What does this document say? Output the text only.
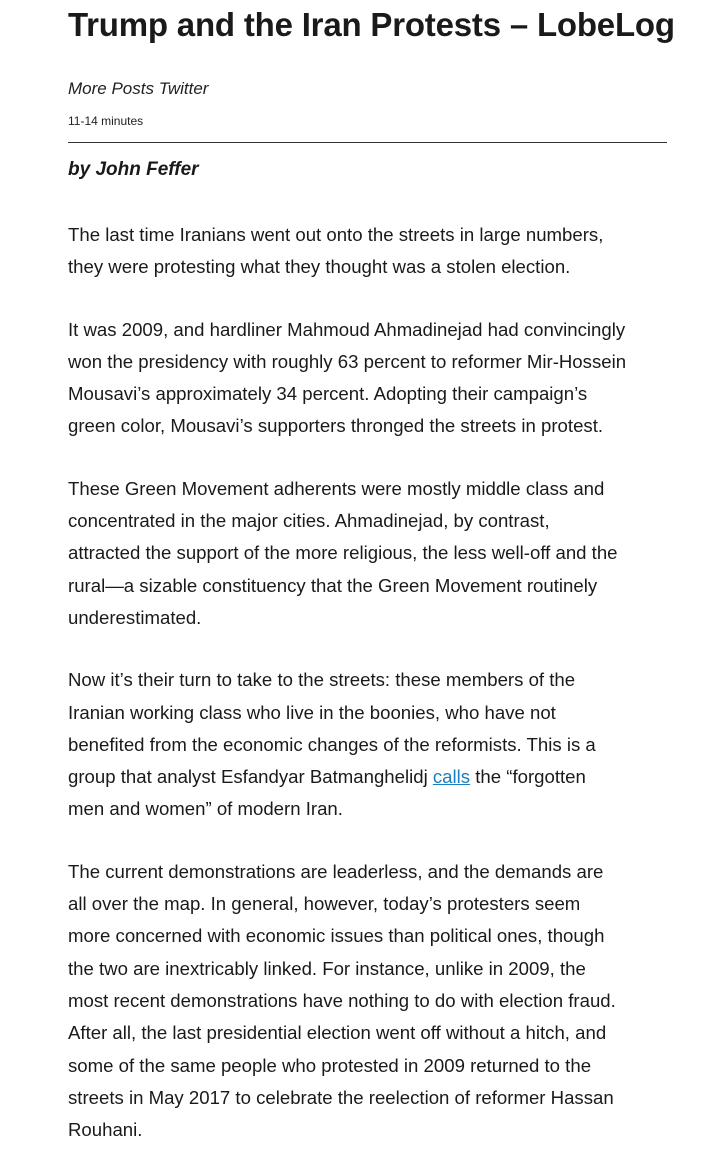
Trump and the Iran Protests – LobeLog
More Posts Twitter
11-14 minutes
by John Feffer

The last time Iranians went out onto the streets in large numbers,
they were protesting what they thought was a stolen election.

It was 2009, and hardliner Mahmoud Ahmadinejad had convincingly
won the presidency with roughly 63 percent to reformer Mir-Hossein
Mousavi’s approximately 34 percent. Adopting their campaign’s
green color, Mousavi’s supporters thronged the streets in protest.

These Green Movement adherents were mostly middle class and
concentrated in the major cities. Ahmadinejad, by contrast,
attracted the support of the more religious, the less well-off and the
rural—a sizable constituency that the Green Movement routinely
underestimated.

Now it’s their turn to take to the streets: these members of the
Iranian working class who live in the boonies, who have not
benefited from the economic changes of the reformists. This is a
group that analyst Esfandyar Batmanghelidj calls the “forgotten
men and women” of modern Iran.

The current demonstrations are leaderless, and the demands are
all over the map. In general, however, today’s protesters seem
more concerned with economic issues than political ones, though
the two are inextricably linked. For instance, unlike in 2009, the
most recent demonstrations have nothing to do with election fraud.
After all, the last presidential election went off without a hitch, and
some of the same people who protested in 2009 returned to the
streets in May 2017 to celebrate the reelection of reformer Hassan
Rouhani.
